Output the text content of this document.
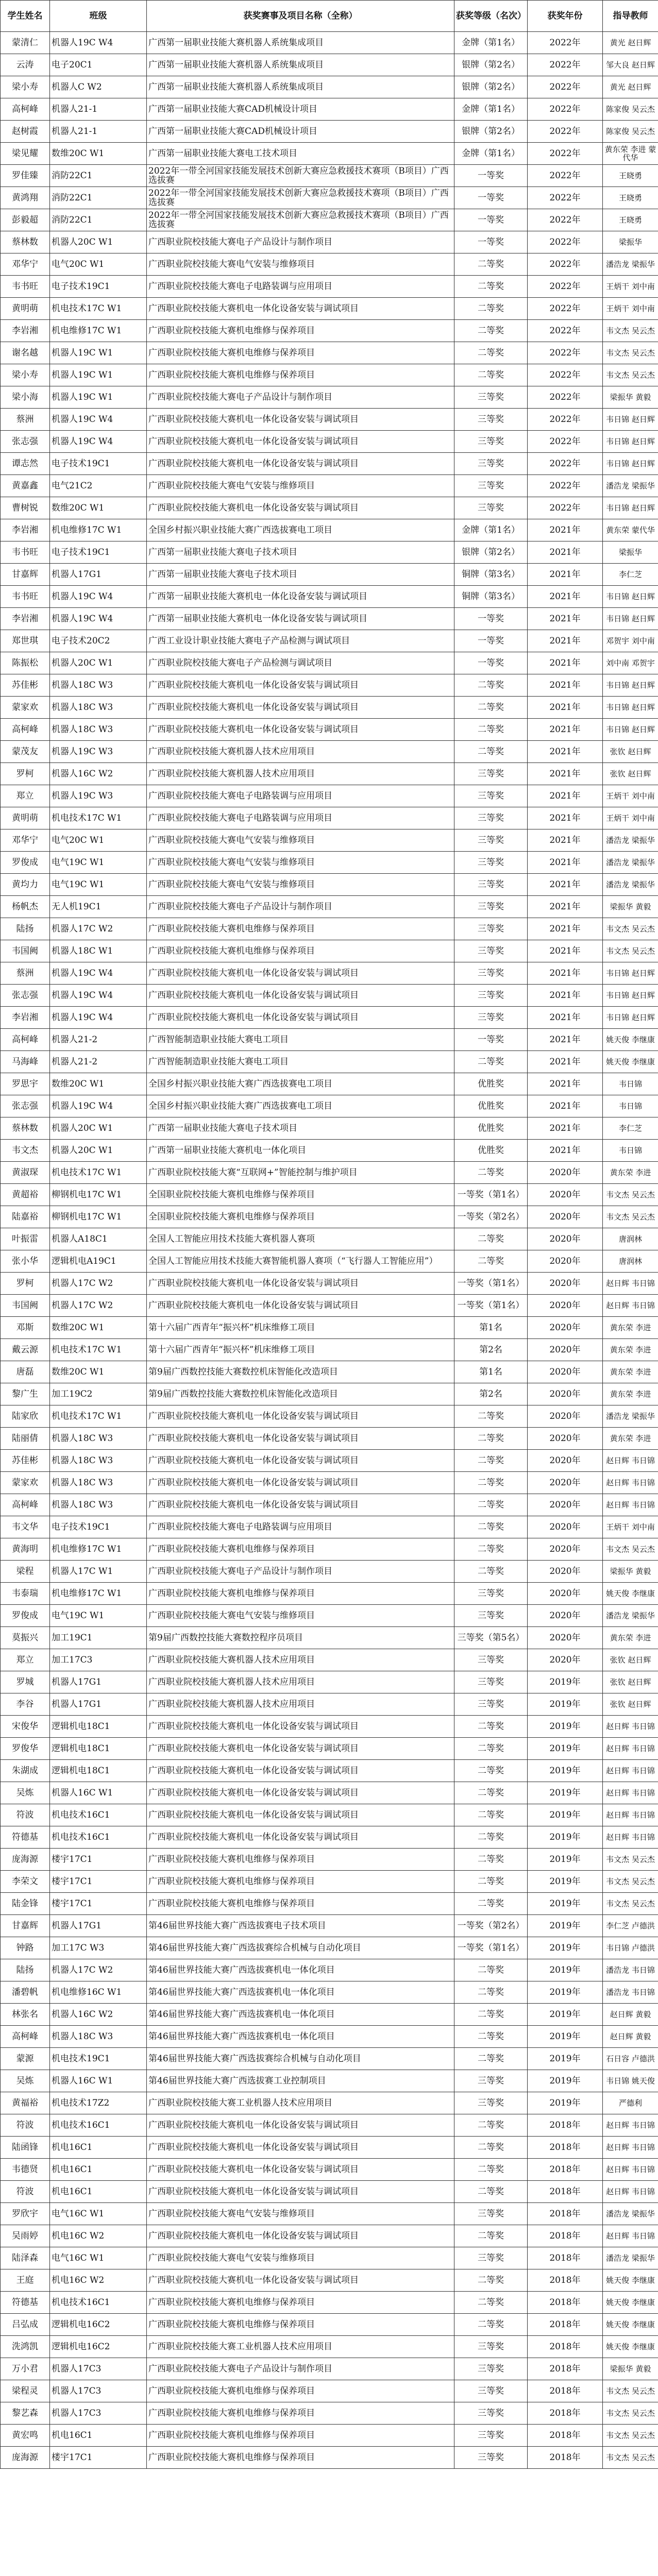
学生姓名	班级	获奖赛事及项目名称（全称）	获奖等级（名次）	获奖年份	指导教师
蒙清仁	机器人19C W4	广西第一届职业技能大赛机器人系统集成项目	金牌（第1名）	2022年	黄光 赵日辉
云涛	电子20C1	广西第一届职业技能大赛机器人系统集成项目	银牌（第2名）	2022年	邹大良 赵日辉
梁小寿	机器人C W2	广西第一届职业技能大赛机器人系统集成项目	银牌（第2名）	2022年	黄光 赵日辉
高柯峰	机器人21-1	广西第一届职业技能大赛CAD机械设计项目	金牌（第1名）	2022年	陈家俊 吴云杰
赵树霞	机器人21-1	广西第一届职业技能大赛CAD机械设计项目	银牌（第2名）	2022年	陈家俊 吴云杰
梁见耀	数维20C W1	广西第一届职业技能大赛电工技术项目	金牌（第1名）	2022年	黄东荣 李进 蒙代华
罗佳臻	消防22C1	2022年一带全河国家技能发展技术创新大赛应急救援技术赛项（B项目）广西选拔赛	一等奖	2022年	王晓勇
黄鸿翔	消防22C1	2022年一带全河国家技能发展技术创新大赛应急救援技术赛项（B项目）广西选拔赛	一等奖	2022年	王晓勇
彭毅超	消防22C1	2022年一带全河国家技能发展技术创新大赛应急救援技术赛项（B项目）广西选拔赛	一等奖	2022年	王晓勇
蔡林数	机器人20C W1	广西职业院校技能大赛电子产品设计与制作项目	一等奖	2022年	梁振华
邓华宁	电气20C W1	广西职业院校技能大赛电气安装与维修项目	二等奖	2022年	潘浩龙 梁振华
韦书旺	电子技术19C1	广西职业院校技能大赛电子电路装调与应用项目	二等奖	2022年	王炳干 刘中南
黄明萌	机电技术17C W1	广西职业院校技能大赛机电一体化设备安装与调试项目	二等奖	2022年	王炳干 刘中南
李岩湘	机电维修17C W1	广西职业院校技能大赛机电维修与保养项目	二等奖	2022年	韦文杰 吴云杰
谢名越	机器人19C W1	广西职业院校技能大赛机电维修与保养项目	二等奖	2022年	韦文杰 吴云杰
梁小寿	机器人19C W1	广西职业院校技能大赛机电维修与保养项目	二等奖	2022年	韦文杰 吴云杰
梁小海	机器人19C W1	广西职业院校技能大赛电子产品设计与制作项目	三等奖	2022年	梁振华 黄毅
蔡洲	机器人19C W4	广西职业院校技能大赛机电一体化设备安装与调试项目	三等奖	2022年	韦日锦 赵日辉
张志强	机器人19C W4	广西职业院校技能大赛机电一体化设备安装与调试项目	三等奖	2022年	韦日锦 赵日辉
谭志然	电子技术19C1	广西职业院校技能大赛机电一体化设备安装与调试项目	三等奖	2022年	韦日锦 赵日辉
黄嘉鑫	电气21C2	广西职业院校技能大赛电气安装与维修项目	三等奖	2022年	潘浩龙 梁振华
曹树锐	数维20C W1	广西职业院校技能大赛机电一体化设备安装与调试项目	三等奖	2022年	韦日锦 赵日辉
李岩湘	机电维修17C W1	全国乡村振兴职业技能大赛广西选拔赛电工项目	金牌（第1名）	2021年	黄东荣 蒙代华
韦书旺	电子技术19C1	广西第一届职业技能大赛电子技术项目	银牌（第2名）	2021年	梁振华
甘嘉辉	机器人17G1	广西第一届职业技能大赛电子技术项目	铜牌（第3名）	2021年	李仁芝
韦书旺	机器人19C W4	广西第一届职业技能大赛机电一体化设备安装与调试项目	铜牌（第3名）	2021年	韦日锦 赵日辉
李岩湘	机器人19C W4	广西第一届职业技能大赛机电一体化设备安装与调试项目	一等奖	2021年	韦日锦 赵日辉
郑世琪	电子技术20C2	广西工业设计职业技能大赛电子产品检测与调试项目	一等奖	2021年	邓贺宇 刘中南
陈振松	机器人20C W1	广西职业院校技能大赛电子产品检测与调试项目	一等奖	2021年	刘中南 邓贺宇
苏佳彬	机器人18C W3	广西职业院校技能大赛机电一体化设备安装与调试项目	二等奖	2021年	韦日锦 赵日辉
蒙家欢	机器人18C W3	广西职业院校技能大赛机电一体化设备安装与调试项目	二等奖	2021年	韦日锦 赵日辉
高柯峰	机器人18C W3	广西职业院校技能大赛机电一体化设备安装与调试项目	二等奖	2021年	韦日锦 赵日辉
蒙茂友	机器人19C W3	广西职业院校技能大赛机器人技术应用项目	二等奖	2021年	张钦 赵日辉
罗柯	机器人16C W2	广西职业院校技能大赛机器人技术应用项目	三等奖	2021年	张钦 赵日辉
郑立	机器人19C W3	广西职业院校技能大赛电子电路装调与应用项目	三等奖	2021年	王炳干 刘中南
黄明萌	机电技术17C W1	广西职业院校技能大赛电子电路装调与应用项目	三等奖	2021年	王炳干 刘中南
邓华宁	电气20C W1	广西职业院校技能大赛电气安装与维修项目	三等奖	2021年	潘浩龙 梁振华
罗俊成	电气19C W1	广西职业院校技能大赛电气安装与维修项目	三等奖	2021年	潘浩龙 梁振华
黄均力	电气19C W1	广西职业院校技能大赛电气安装与维修项目	三等奖	2021年	潘浩龙 梁振华
杨帆杰	无人机19C1	广西职业院校技能大赛电子产品设计与制作项目	三等奖	2021年	梁振华 黄毅
陆扬	机器人17C W2	广西职业院校技能大赛机电维修与保养项目	三等奖	2021年	韦文杰 吴云杰
韦国阙	机器人18C W1	广西职业院校技能大赛机电维修与保养项目	三等奖	2021年	韦文杰 吴云杰
蔡洲	机器人19C W4	广西职业院校技能大赛机电一体化设备安装与调试项目	三等奖	2021年	韦日锦 赵日辉
张志强	机器人19C W4	广西职业院校技能大赛机电一体化设备安装与调试项目	三等奖	2021年	韦日锦 赵日辉
李岩湘	机器人19C W4	广西职业院校技能大赛机电一体化设备安装与调试项目	三等奖	2021年	韦日锦 赵日辉
高柯峰	机器人21-2	广西智能制造职业技能大赛电工项目	一等奖	2021年	姚天俊 李继康
马海峰	机器人21-2	广西智能制造职业技能大赛电工项目	二等奖	2021年	姚天俊 李继康
罗思宇	数维20C W1	全国乡村振兴职业技能大赛广西选拔赛电工项目	优胜奖	2021年	韦日锦
张志强	机器人19C W4	全国乡村振兴职业技能大赛广西选拔赛电工项目	优胜奖	2021年	韦日锦
蔡林数	机器人20C W1	广西第一届职业技能大赛电子技术项目	优胜奖	2021年	李仁芝
韦文杰	机器人20C W1	广西第一届职业技能大赛机电一体化项目	优胜奖	2021年	韦日锦
黄淑琛	机电技术17C W1	广西职业院校技能大赛“互联网+”智能控制与维护项目	二等奖	2020年	黄东荣 李进
黄超裕	柳钢机电17C W1	全国职业院校技能大赛机电维修与保养项目	一等奖（第1名）	2020年	韦文杰 吴云杰
陆嘉裕	柳钢机电17C W1	全国职业院校技能大赛机电维修与保养项目	一等奖（第2名）	2020年	韦文杰 吴云杰
叶振雷	机器人A18C1	全国人工智能应用技术技能大赛机器人赛项	二等奖	2020年	唐润林
张小华	逻辑机电A19C1	全国人工智能应用技术技能大赛智能机器人赛项（“飞行器人工智能应用”）	二等奖	2020年	唐润林
罗柯	机器人17C W2	广西职业院校技能大赛机电一体化设备安装与调试项目	一等奖（第1名）	2020年	赵日辉 韦日锦
韦国阙	机器人17C W2	广西职业院校技能大赛机电一体化设备安装与调试项目	一等奖（第1名）	2020年	赵日辉 韦日锦
邓斯	数维20C W1	第十六届广西青年“振兴杯”机床维修工项目	第1名	2020年	黄东荣 李进
戴云源	机电技术17C W1	第十六届广西青年“振兴杯”机床维修工项目	第2名	2020年	黄东荣 李进
唐磊	数维20C W1	第9届广西数控技能大赛数控机床智能化改造项目	第1名	2020年	黄东荣 李进
黎广生	加工19C2	第9届广西数控技能大赛数控机床智能化改造项目	第2名	2020年	黄东荣 李进
陆家欣	机电技术17C W1	广西职业院校技能大赛机电一体化设备安装与调试项目	二等奖	2020年	潘浩龙 梁振华
陆丽倩	机器人18C W3	广西职业院校技能大赛机电一体化设备安装与调试项目	二等奖	2020年	黄东荣 李进
苏佳彬	机器人18C W3	广西职业院校技能大赛机电一体化设备安装与调试项目	二等奖	2020年	赵日辉 韦日锦
蒙家欢	机器人18C W3	广西职业院校技能大赛机电一体化设备安装与调试项目	二等奖	2020年	赵日辉 韦日锦
高柯峰	机器人18C W3	广西职业院校技能大赛机电一体化设备安装与调试项目	二等奖	2020年	赵日辉 韦日锦
韦文华	电子技术19C1	广西职业院校技能大赛电子电路装调与应用项目	二等奖	2020年	王炳干 刘中南
黄海明	机电维修17C W1	广西职业院校技能大赛机电维修与保养项目	二等奖	2020年	韦文杰 吴云杰
梁程	机器人17C W1	广西职业院校技能大赛电子产品设计与制作项目	二等奖	2020年	梁振华 黄毅
韦泰瑞	机电维修17C W1	广西职业院校技能大赛机电维修与保养项目	三等奖	2020年	姚天俊 李继康
罗俊成	电气19C W1	广西职业院校技能大赛电气安装与维修项目	三等奖	2020年	潘浩龙 梁振华
莫振兴	加工19C1	第9届广西数控技能大赛数控程序员项目	三等奖（第5名）	2020年	黄东荣 李进
郑立	加工17C3	广西职业院校技能大赛机器人技术应用项目	三等奖	2020年	张钦 赵日辉
罗城	机器人17G1	广西职业院校技能大赛机器人技术应用项目	三等奖	2019年	张钦 赵日辉
李谷	机器人17G1	广西职业院校技能大赛机器人技术应用项目	三等奖	2019年	张钦 赵日辉
宋俊华	逻辑机电18C1	广西职业院校技能大赛机电一体化设备安装与调试项目	二等奖	2019年	赵日辉 韦日锦
罗俊华	逻辑机电18C1	广西职业院校技能大赛机电一体化设备安装与调试项目	二等奖	2019年	赵日辉 韦日锦
朱湖成	逻辑机电18C1	广西职业院校技能大赛机电一体化设备安装与调试项目	二等奖	2019年	赵日辉 韦日锦
吴炼	机器人16C W1	广西职业院校技能大赛机电一体化设备安装与调试项目	二等奖	2019年	赵日辉 韦日锦
符波	机电技术16C1	广西职业院校技能大赛机电一体化设备安装与调试项目	二等奖	2019年	赵日辉 韦日锦
符德基	机电技术16C1	广西职业院校技能大赛机电一体化设备安装与调试项目	二等奖	2019年	赵日辉 韦日锦
庞海源	楼宇17C1	广西职业院校技能大赛机电维修与保养项目	二等奖	2019年	韦文杰 吴云杰
李荣文	楼宇17C1	广西职业院校技能大赛机电维修与保养项目	二等奖	2019年	韦文杰 吴云杰
陆金锋	楼宇17C1	广西职业院校技能大赛机电维修与保养项目	二等奖	2019年	韦文杰 吴云杰
甘嘉辉	机器人17G1	第46届世界技能大赛广西选拔赛电子技术项目	一等奖（第2名）	2019年	李仁芝 卢德洪
钟路	加工17C W3	第46届世界技能大赛广西选拔赛综合机械与自动化项目	一等奖（第1名）	2019年	韦日锦 卢德洪
陆扬	机器人17C W2	第46届世界技能大赛广西选拔赛机电一体化项目	二等奖	2019年	潘浩龙 韦日锦
潘碧帆	机电维修16C W1	第46届世界技能大赛广西选拔赛机电一体化项目	二等奖	2019年	潘浩龙 韦日锦
林张名	机器人16C W2	第46届世界技能大赛广西选拔赛机电一体化项目	二等奖	2019年	赵日辉 黄毅
高柯峰	机器人18C W3	第46届世界技能大赛广西选拔赛机电一体化项目	二等奖	2019年	赵日辉 黄毅
蒙源	机电技术19C1	第46届世界技能大赛广西选拔赛综合机械与自动化项目	二等奖	2019年	石日容 卢德洪
吴炼	机器人16C W1	第46届世界技能大赛广西选拔赛工业控制项目	三等奖	2019年	韦日锦 姚天俊
黄福裕	机电技术17Z2	广西职业院校技能大赛工业机器人技术应用项目	三等奖	2019年	严德利
符波	机电技术16C1	广西职业院校技能大赛机电一体化设备安装与调试项目	二等奖	2018年	赵日辉 韦日锦
陆函锋	机电16C1	广西职业院校技能大赛机电一体化设备安装与调试项目	二等奖	2018年	赵日辉 韦日锦
韦德贤	机电16C1	广西职业院校技能大赛机电一体化设备安装与调试项目	二等奖	2018年	赵日辉 韦日锦
符波	机电16C1	广西职业院校技能大赛机电一体化设备安装与调试项目	二等奖	2018年	赵日辉 韦日锦
罗欣宇	电气16C W1	广西职业院校技能大赛电气安装与维修项目	三等奖	2018年	潘浩龙 梁振华
吴雨婷	机电16C W2	广西职业院校技能大赛机电一体化设备安装与调试项目	二等奖	2018年	赵日辉 韦日锦
陆泽森	电气16C W1	广西职业院校技能大赛电气安装与维修项目	三等奖	2018年	潘浩龙 梁振华
王庭	机电16C W2	广西职业院校技能大赛机电一体化设备安装与调试项目	二等奖	2018年	姚天俊 李继康
符德基	机电技术16C1	广西职业院校技能大赛机电维修与保养项目	二等奖	2018年	姚天俊 李继康
吕弘成	逻辑机电16C2	广西职业院校技能大赛机电维修与保养项目	二等奖	2018年	姚天俊 李继康
洗鸿凯	逻辑机电16C2	广西职业院校技能大赛工业机器人技术应用项目	三等奖	2018年	姚天俊 李继康
万小君	机器人17C3	广西职业院校技能大赛电子产品设计与制作项目	三等奖	2018年	梁振华 黄毅
梁程灵	机器人17C3	广西职业院校技能大赛机电维修与保养项目	三等奖	2018年	韦文杰 吴云杰
黎艺森	机器人17C3	广西职业院校技能大赛机电维修与保养项目	三等奖	2018年	韦文杰 吴云杰
黄宏鸣	机电16C1	广西职业院校技能大赛机电维修与保养项目	三等奖	2018年	韦文杰 吴云杰
庞海源	楼宇17C1	广西职业院校技能大赛机电维修与保养项目	三等奖	2018年	韦文杰 吴云杰
